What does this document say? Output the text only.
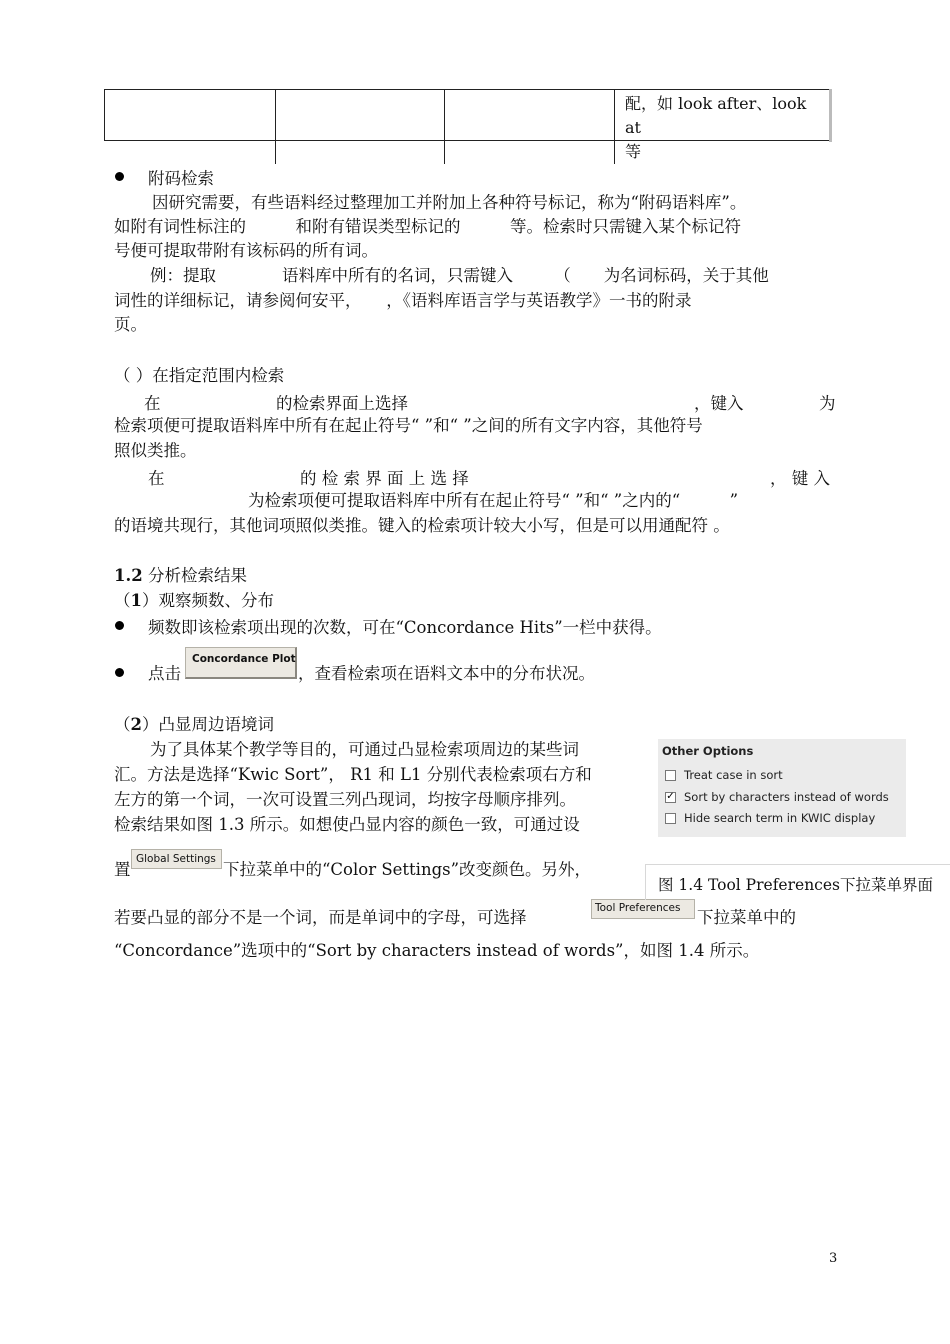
配，如 look after、look at
等
附码检索
因研究需要，有些语料经过整理加工并附加上各种符号标记，称为“附码语料库”。
如附有词性标注的　　　和附有错误类型标记的　　　等。检索时只需键入某个标记符
号便可提取带附有该标码的所有词。
例：提取　　　　语料库中所有的名词，只需键入　　　（　　为名词标码，关于其他
词性的详细标记，请参阅何安平，　　，《语料库语言学与英语教学》一书的附录
页。
（ ）在指定范围内检索
在	的检索界面上选择	，键入	为
检索项便可提取语料库中所有在起止符号“ ”和“ ”之间的所有文字内容，其他符号
照似类推。
在	的 检 索 界 面 上 选 择	， 键 入
为检索项便可提取语料库中所有在起止符号“ ”和“ ”之内的“　　　”
的语境共现行，其他词项照似类推。键入的检索项计较大小写，但是可以用通配符 。
1.2 分析检索结果
（1）观察频数、分布
频数即该检索项出现的次数，可在“Concordance Hits”一栏中获得。
点击
Concordance Plot
，查看检索项在语料文本中的分布状况。
（2）凸显周边语境词
为了具体某个教学等目的，可通过凸显检索项周边的某些词
汇。方法是选择“Kwic Sort”， R1 和 L1 分别代表检索项右方和
左方的第一个词，一次可设置三列凸现词，均按字母顺序排列。
检索结果如图 1.3 所示。如想使凸显内容的颜色一致，可通过设
置
Global Settings
下拉菜单中的“Color Settings”改变颜色。另外，
若要凸显的部分不是一个词，而是单词中的字母，可选择	Tool Preferences	下拉菜单中的
“Concordance”选项中的“Sort by characters instead of words”，如图 1.4 所示。
Other Options
Treat case in sort
✓ Sort by characters instead of words
Hide search term in KWIC display
图 1.4 Tool Preferences下拉菜单界面
3
